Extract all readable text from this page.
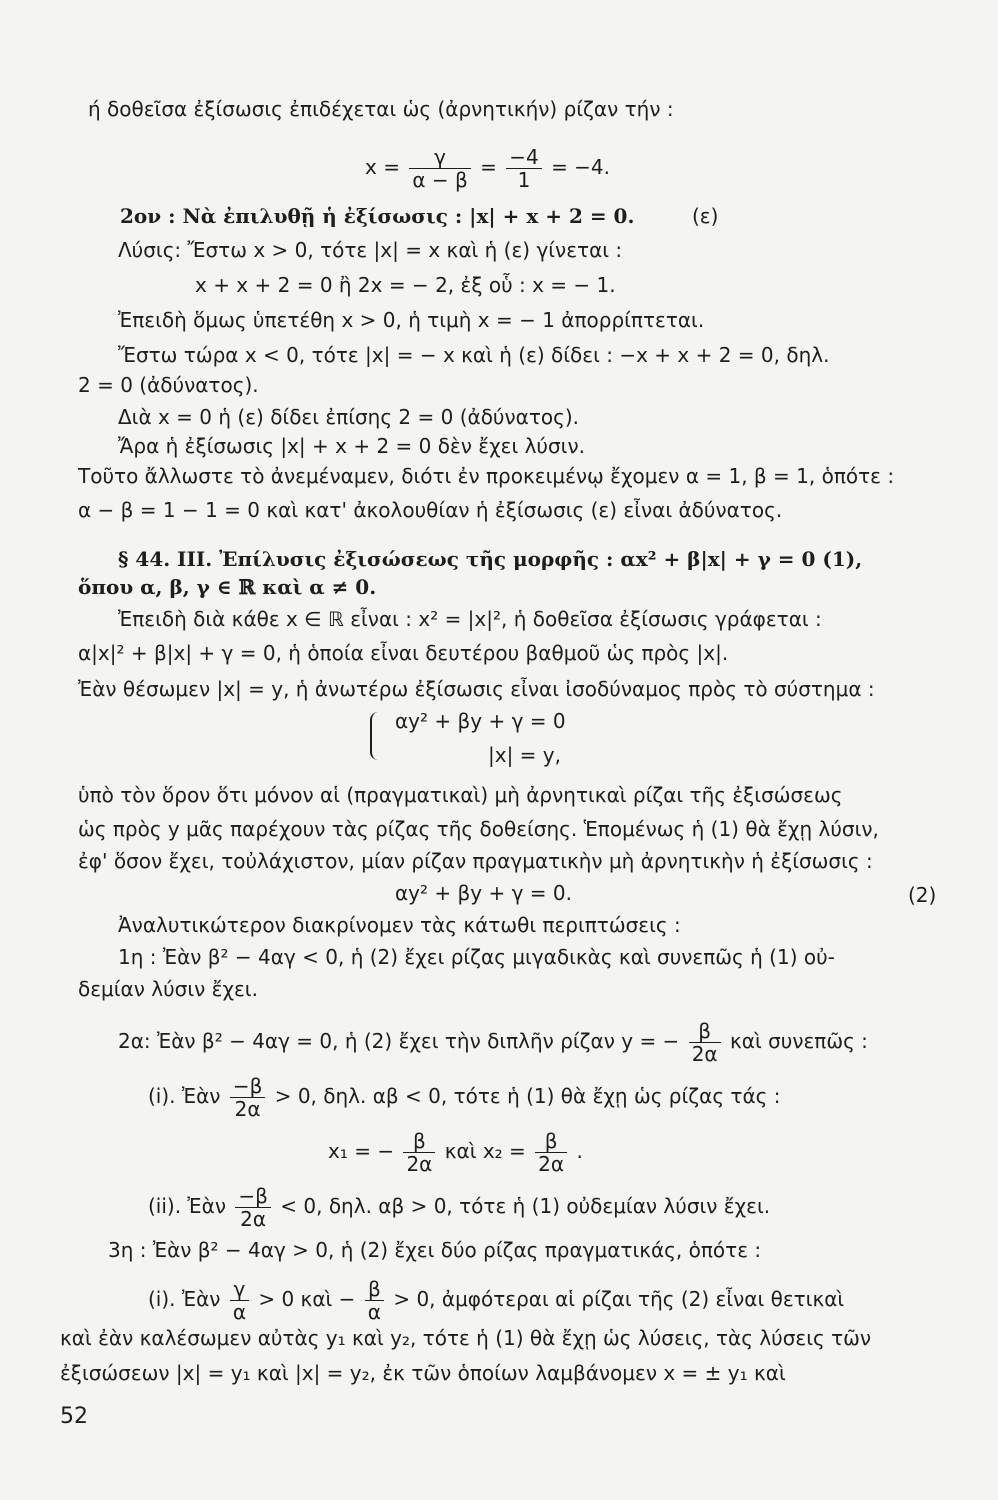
ή δοθεῖσα ἐξίσωσις ἐπιδέχεται ὡς (ἀρνητικήν) ρίζαν τήν :
$x = \frac{\gamma}{\alpha - \beta} = \frac{-4}{1} = -4$.
2ον : Νὰ ἐπιλυθῇ ἡ ἐξίσωσις : |x| + x + 2 = 0.	(ε)
Λύσις: Ἔστω x > 0, τότε |x| = x καὶ ἡ (ε) γίνεται :
x + x + 2 = 0 ἢ 2x = − 2, ἐξ οὗ : x = − 1.
Ἐπειδὴ ὅμως ὑπετέθη x > 0, ἡ τιμὴ x = − 1 ἀπορρίπτεται.
Ἔστω τώρα x < 0, τότε |x| = − x καὶ ἡ (ε) δίδει : −x + x + 2 = 0, δηλ.
2 = 0 (ἀδύνατος).
Διὰ x = 0 ἡ (ε) δίδει ἐπίσης 2 = 0 (ἀδύνατος).
Ἄρα ἡ ἐξίσωσις |x| + x + 2 = 0 δὲν ἔχει λύσιν.
Τοῦτο ἄλλωστε τὸ ἀνεμέναμεν, διότι ἐν προκειμένῳ ἔχομεν α = 1, β = 1, ὁπότε :
α − β = 1 − 1 = 0 καὶ κατ' ἀκολουθίαν ἡ ἐξίσωσις (ε) εἶναι ἀδύνατος.
§ 44. III. Ἐπίλυσις ἐξισώσεως τῆς μορφῆς : αx² + β|x| + γ = 0 (1),
ὅπου α, β, γ ∈ ℝ καὶ α ≠ 0.
Ἐπειδὴ διὰ κάθε x ∈ ℝ εἶναι : x² = |x|², ἡ δοθεῖσα ἐξίσωσις γράφεται :
α|x|² + β|x| + γ = 0, ἡ ὁποία εἶναι δευτέρου βαθμοῦ ὡς πρὸς |x|.
Ἐὰν θέσωμεν |x| = y, ἡ ἀνωτέρω ἐξίσωσις εἶναι ἰσοδύναμος πρὸς τὸ σύστημα :
αy² + βy + γ = 0
|x| = y,
ὑπὸ τὸν ὅρον ὅτι μόνον αἱ (πραγματικαὶ) μὴ ἀρνητικαὶ ρίζαι τῆς ἐξισώσεως
ὡς πρὸς y μᾶς παρέχουν τὰς ρίζας τῆς δοθείσης. Ἑπομένως ἡ (1) θὰ ἔχῃ λύσιν,
ἐφ' ὅσον ἔχει, τοὐλάχιστον, μίαν ρίζαν πραγματικὴν μὴ ἀρνητικὴν ἡ ἐξίσωσις :
αy² + βy + γ = 0.	(2)
Ἀναλυτικώτερον διακρίνομεν τὰς κάτωθι περιπτώσεις :
1η : Ἐὰν β² − 4αγ < 0, ἡ (2) ἔχει ρίζας μιγαδικὰς καὶ συνεπῶς ἡ (1) οὐ-
δεμίαν λύσιν ἔχει.
2α: Ἐὰν β² − 4αγ = 0, ἡ (2) ἔχει τὴν διπλῆν ρίζαν y = − $\frac{\beta}{2\alpha}$ καὶ συνεπῶς :
(i). Ἐὰν $\frac{-\beta}{2\alpha} > 0$, δηλ. αβ < 0, τότε ἡ (1) θὰ ἔχῃ ὡς ρίζας τάς :
x₁ = − $\frac{\beta}{2\alpha}$ καὶ $x_2 = \frac{\beta}{2\alpha}$ .
(ii). Ἐὰν $\frac{-\beta}{2\alpha} < 0$, δηλ. αβ > 0, τότε ἡ (1) οὐδεμίαν λύσιν ἔχει.
3η : Ἐὰν β² − 4αγ > 0, ἡ (2) ἔχει δύο ρίζας πραγματικάς, ὁπότε :
(i). Ἐὰν $\frac{\gamma}{\alpha} > 0$ καὶ − $\frac{\beta}{\alpha} > 0$, ἀμφότεραι αἱ ρίζαι τῆς (2) εἶναι θετικαὶ
καὶ ἐὰν καλέσωμεν αὐτὰς y₁ καὶ y₂, τότε ἡ (1) θὰ ἔχῃ ὡς λύσεις, τὰς λύσεις τῶν
ἐξισώσεων |x| = y₁ καὶ |x| = y₂, ἐκ τῶν ὁποίων λαμβάνομεν x = ± y₁ καὶ
52
